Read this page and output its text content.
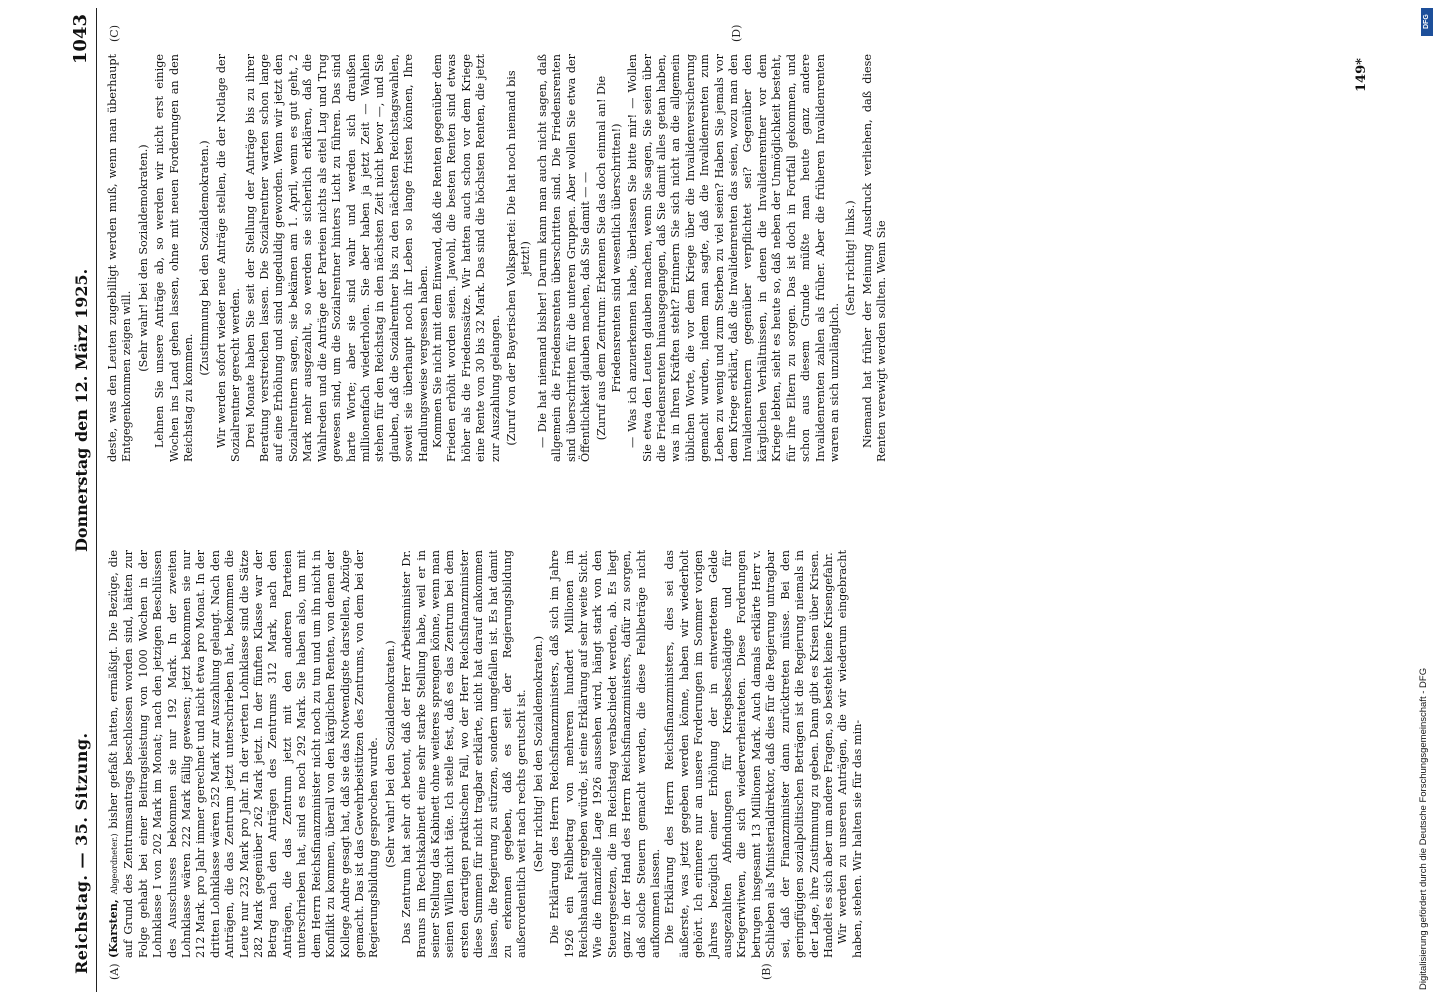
Reichstag. — 35. Sitzung.
Donnerstag den 12. März 1925.
1043
(A)	(B)
(C)	(D)

(Karsten, Abgeordneter.) bisher gefaßt hatten, ermäßigt. Die Bezüge, die auf Grund des Zentrumsantrags beschlossen worden sind, hätten zur Folge gehabt bei einer Beitragsleistung von 1000 Wochen in der Lohnklasse I von 202 Mark im Monat; nach den jetzigen Beschlüssen des Ausschusses bekommen sie nur 192 Mark. In der zweiten Lohnklasse wären 222 Mark fällig gewesen; jetzt bekommen sie nur 212 Mark. pro Jahr immer gerechnet und nicht etwa pro Monat. In der dritten Lohnklasse wären 252 Mark zur Auszahlung gelangt. Nach den Anträgen, die das Zentrum jetzt unterschrieben hat, bekommen die Leute nur 232 Mark pro Jahr. In der vierten Lohnklasse sind die Sätze 282 Mark gegenüber 262 Mark jetzt. In der fünften Klasse war der Betrag nach den Anträgen des Zentrums 312 Mark, nach den Anträgen, die das Zentrum jetzt mit den anderen Parteien unterschrieben hat, sind es noch 292 Mark. Sie haben also, um mit dem Herrn Reichsfinanzminister nicht noch zu tun und um ihn nicht in Konflikt zu kommen, überall von den kärglichen Renten, von denen der Kollege Andre gesagt hat, daß sie das Notwendigste darstellen, Abzüge gemacht. Das ist das Gewehrbeistützen des Zentrums, von dem bei der Regierungsbildung gesprochen wurde. (Sehr wahr! bei den Sozialdemokraten.) Das Zentrum hat sehr oft betont, daß der Herr Arbeitsminister Dr. Brauns im Rechtskabinett eine sehr starke Stellung habe, weil er in seiner Stellung das Kabinett ohne weiteres sprengen könne, wenn man seinen Willen nicht täte. Ich stelle fest, daß es das Zentrum bei dem ersten derartigen praktischen Fall, wo der Herr Reichsfinanzminister diese Summen für nicht tragbar erklärte, nicht hat darauf ankommen lassen, die Regierung zu stürzen, sondern umgefallen ist. Es hat damit zu erkennen gegeben, daß es seit der Regierungsbildung außerordentlich weit nach rechts gerutscht ist. (Sehr richtig! bei den Sozialdemokraten.) Die Erklärung des Herrn Reichsfinanzministers, daß sich im Jahre 1926 ein Fehlbetrag von mehreren hundert Millionen im Reichshaushalt ergeben würde, ist eine Erklärung auf sehr weite Sicht. Wie die finanzielle Lage 1926 aussehen wird, hängt stark von den Steuergesetzen, die im Reichstag verabschiedet werden, ab. Es liegt ganz in der Hand des Herrn Reichsfinanzministers, dafür zu sorgen, daß solche Steuern gemacht werden, die diese Fehlbeträge nicht aufkommen lassen. Die Erklärung des Herrn Reichsfinanzministers, dies sei das äußerste, was jetzt gegeben werden könne, haben wir wiederholt gehört. Ich erinnere nur an unsere Forderungen im Sommer vorigen Jahres bezüglich einer Erhöhung der in entwertetem Gelde ausgezahlten Abfindungen für Kriegsbeschädigte und für Kriegerwitwen, die sich wiederverheirateten. Diese Forderungen betrugen insgesamt 13 Millionen Mark. Auch damals erklärte Herr v. Schlieben als Ministerialdirektor, daß dies für die Regierung untragbar sei, daß der Finanzminister dann zurücktreten müsse. Bei den geringfügigen sozialpolitischen Beträgen ist die Regierung niemals in der Lage, ihre Zustimmung zu geben. Dann gibt es Krisen über Krisen. Handelt es sich aber um andere Fragen, so besteht keine Krisengefahr. Wir werden zu unseren Anträgen, die wir wiederum eingebracht haben, stehen. Wir halten sie für das min-

deste, was den Leuten zugebilligt werden muß, wenn man überhaupt Entgegenkommen zeigen will.

(Sehr wahr! bei den Sozialdemokraten.) Lehnen Sie unsere Anträge ab, so werden wir nicht erst einige Wochen ins Land gehen lassen, ohne mit neuen Forderungen an den Reichstag zu kommen.

(Zustimmung bei den Sozialdemokraten.) Wir werden sofort wieder neue Anträge stellen, die der Notlage der Sozialrentner gerecht werden. Drei Monate haben Sie seit der Stellung der Anträge bis zu ihrer Beratung verstreichen lassen. Die Sozialrentner warten schon lange auf eine Erhöhung und sind ungeduldig geworden. Wenn wir jetzt den Sozialrentnern sagen, sie bekämen am 1. April, wenn es gut geht, 2 Mark mehr ausgezahlt, so werden sie sicherlich erklären, daß die Wahlreden und die Anträge der Parteien nichts als eitel Lug und Trug gewesen sind, um die Sozialrentner hinters Licht zu führen. Das sind harte Worte; aber sie sind wahr und werden sich draußen millionenfach wiederholen. Sie aber haben ja jetzt Zeit — Wahlen stehen für den Reichstag in den nächsten Zeit nicht bevor —, und Sie glauben, daß die Sozialrentner bis zu den nächsten Reichstagswahlen, soweit sie überhaupt noch ihr Leben so lange fristen können, Ihre Handlungsweise vergessen haben. Kommen Sie nicht mit dem Einwand, daß die Renten gegenüber dem Frieden erhöht worden seien. Jawohl, die besten Renten sind etwas höher als die Friedenssätze. Wir hatten auch schon vor dem Kriege eine Rente von 30 bis 32 Mark. Das sind die höchsten Renten, die jetzt zur Auszahlung gelangen. (Zuruf von der Bayerischen Volkspartei: Die hat noch niemand bis jetzt!) — Die hat niemand bisher! Darum kann man auch nicht sagen, daß allgemein die Friedensrenten überschritten sind. Die Friedensrenten sind überschritten für die unteren Gruppen. Aber wollen Sie etwa der Öffentlichkeit glauben machen, daß Sie damit — — (Zuruf aus dem Zentrum: Erkennen Sie das doch einmal an! Die Friedensrenten sind wesentlich überschritten!) — Was ich anzuerkennen habe, überlassen Sie bitte mir! — Wollen Sie etwa den Leuten glauben machen, wenn Sie sagen, Sie seien über die Friedensrenten hinausgegangen, daß Sie damit alles getan haben, was in Ihren Kräften steht? Erinnern Sie sich nicht an die allgemein üblichen Worte, die vor dem Kriege über die Invalidenversicherung gemacht wurden, indem man sagte, daß die Invalidenrenten zum Leben zu wenig und zum Sterben zu viel seien? Haben Sie jemals vor dem Kriege erklärt, daß die Invalidenrenten das seien, wozu man den Invalidenrentnern gegenüber verpflichtet sei? Gegenüber den kärglichen Verhältnissen, in denen die Invalidenrentner vor dem Kriege lebten, sieht es heute so, daß neben der Unmöglichkeit besteht, für ihre Eltern zu sorgen. Das ist doch in Fortfall gekommen, und schon aus diesem Grunde müßte man heute ganz andere Invalidenrenten zahlen als früher. Aber die früheren Invalidenrenten waren an sich unzulänglich.

(Sehr richtig! links.) Niemand hat früher der Meinung Ausdruck verliehen, daß diese Renten verewigt werden sollten. Wenn Sie

149*
Digitalisierung gefördert durch die Deutsche Forschungsgemeinschaft - DFG
DFG
